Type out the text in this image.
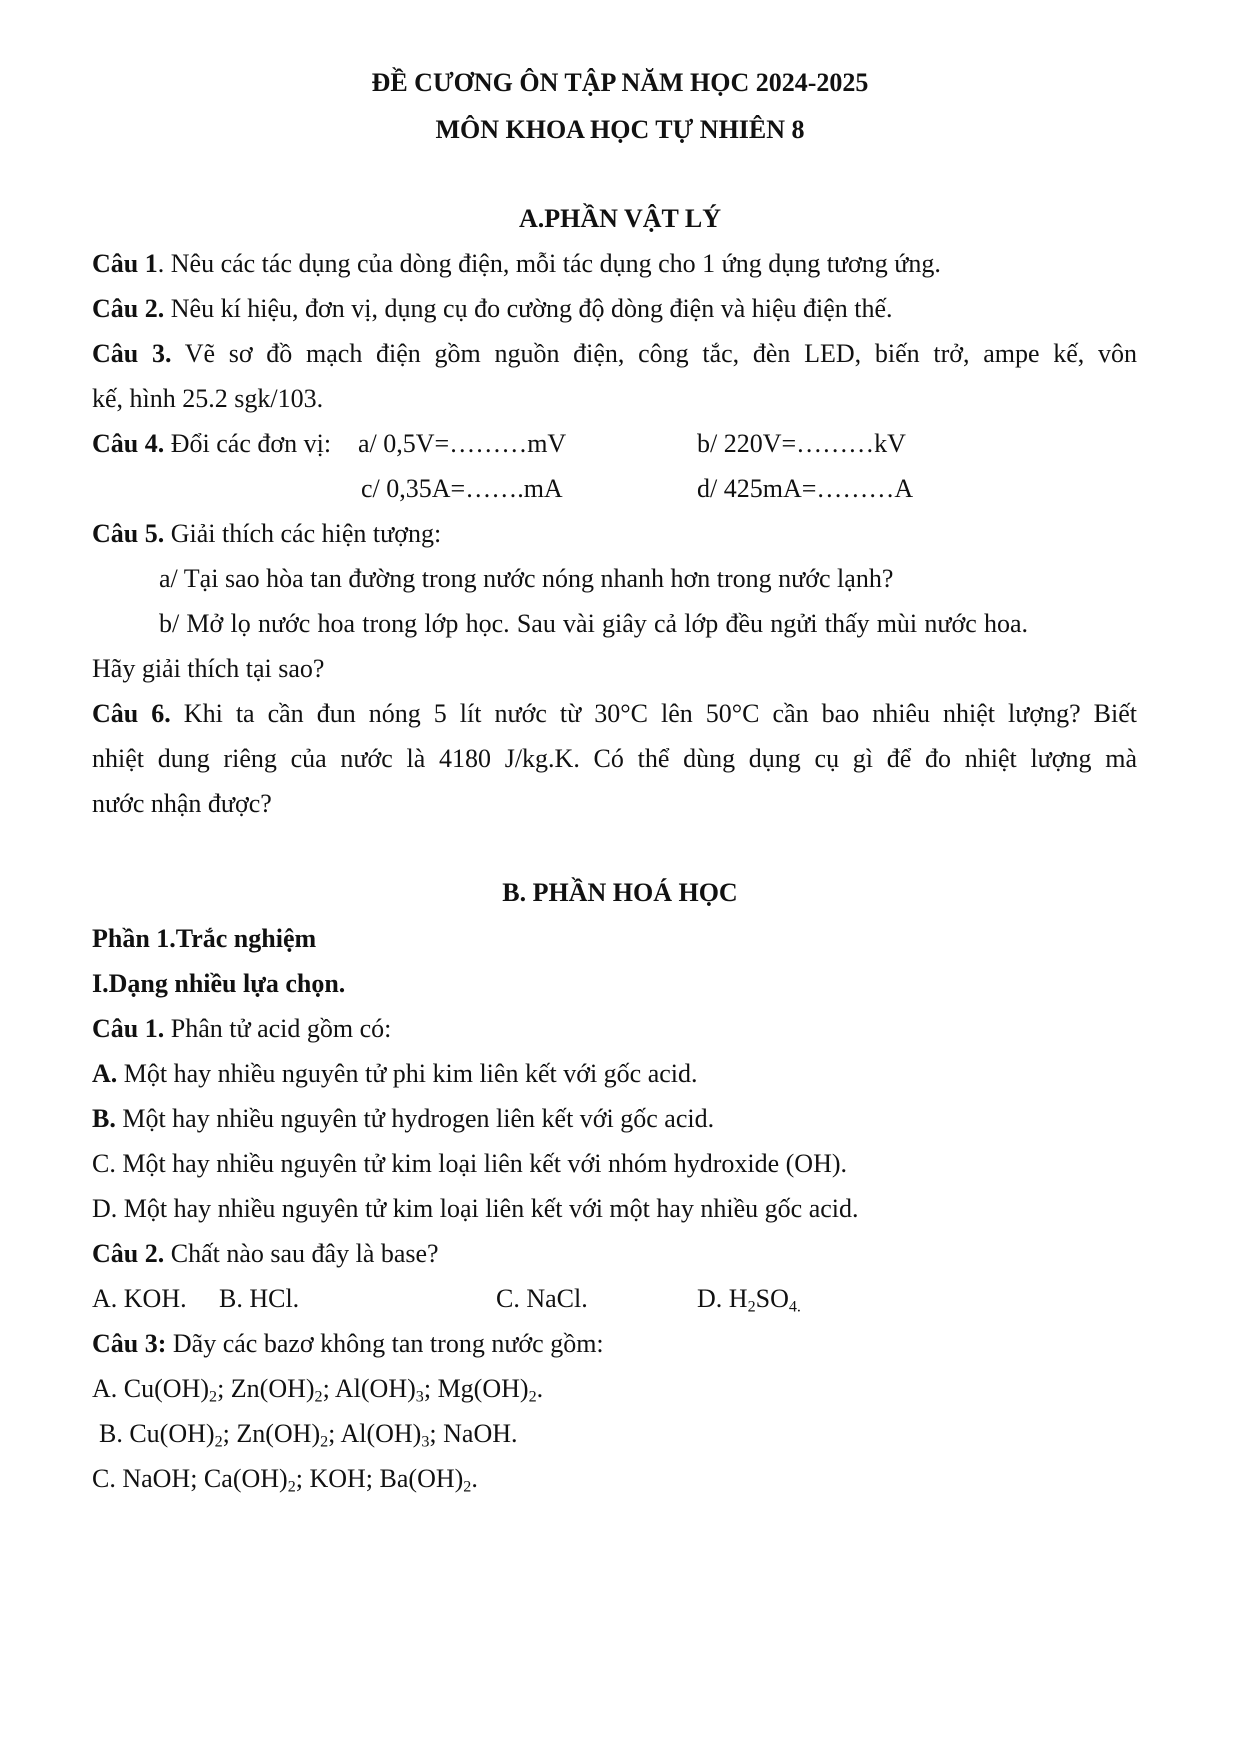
ĐỀ CƯƠNG ÔN TẬP NĂM HỌC 2024-2025
MÔN KHOA HỌC TỰ NHIÊN 8
A.PHẦN VẬT LÝ
Câu 1. Nêu các tác dụng của dòng điện, mỗi tác dụng cho 1 ứng dụng tương ứng.
Câu 2. Nêu kí hiệu, đơn vị, dụng cụ đo cường độ dòng điện và hiệu điện thế.
Câu 3. Vẽ sơ đồ mạch điện gồm nguồn điện, công tắc, đèn LED, biến trở, ampe kế, vôn
kế, hình 25.2 sgk/103.
Câu 4. Đổi các đơn vị: a/ 0,5V=………mV	b/ 220V=………kV
c/ 0,35A=…….mA	d/ 425mA=………A
Câu 5. Giải thích các hiện tượng:
a/ Tại sao hòa tan đường trong nước nóng nhanh hơn trong nước lạnh?
b/ Mở lọ nước hoa trong lớp học. Sau vài giây cả lớp đều ngửi thấy mùi nước hoa.
Hãy giải thích tại sao?
Câu 6. Khi ta cần đun nóng 5 lít nước từ 30°C lên 50°C cần bao nhiêu nhiệt lượng? Biết
nhiệt dung riêng của nước là 4180 J/kg.K. Có thể dùng dụng cụ gì để đo nhiệt lượng mà
nước nhận được?
B. PHẦN HOÁ HỌC
Phần 1.Trắc nghiệm
I.Dạng nhiều lựa chọn.
Câu 1. Phân tử acid gồm có:
A. Một hay nhiều nguyên tử phi kim liên kết với gốc acid.
B. Một hay nhiều nguyên tử hydrogen liên kết với gốc acid.
C. Một hay nhiều nguyên tử kim loại liên kết với nhóm hydroxide (OH).
D. Một hay nhiều nguyên tử kim loại liên kết với một hay nhiều gốc acid.
Câu 2. Chất nào sau đây là base?
A. KOH. B. HCl.	C. NaCl.	D. $H_2SO_{4.}$
Câu 3: Dãy các bazơ không tan trong nước gồm:
A. $Cu(OH)_2$; $Zn(OH)_2$; $Al(OH)_3$; $Mg(OH)_2$.
B. $Cu(OH)_2$; $Zn(OH)_2$; $Al(OH)_3$; NaOH.
C. NaOH; $Ca(OH)_2$; KOH; $Ba(OH)_2$.
